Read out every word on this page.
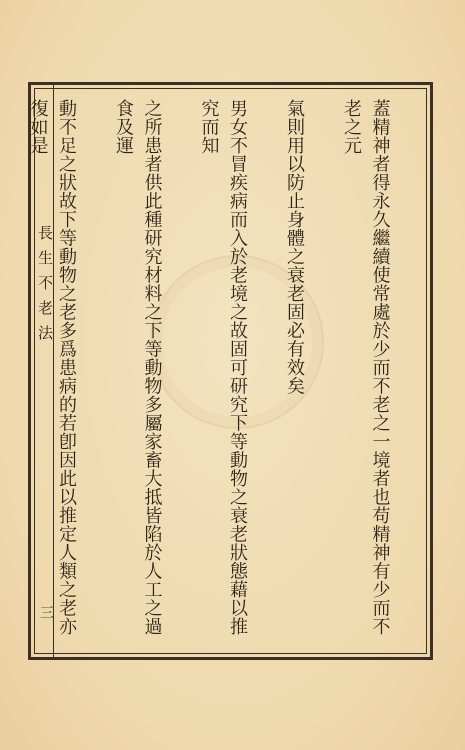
長生不老法
三	蓋精神者得永久繼續使常處於少而不老之一境者也苟精神有少而不老之元

氣則用以防止身體之衰老固必有效矣

男女不冒疾病而入於老境之故固可研究下等動物之衰老狀態藉以推究而知

之所患者供此種研究材料之下等動物多屬家畜大抵皆陷於人工之過食及運

動不足之狀故下等動物之老多爲患病的若卽因此以推定人類之老亦復如是
